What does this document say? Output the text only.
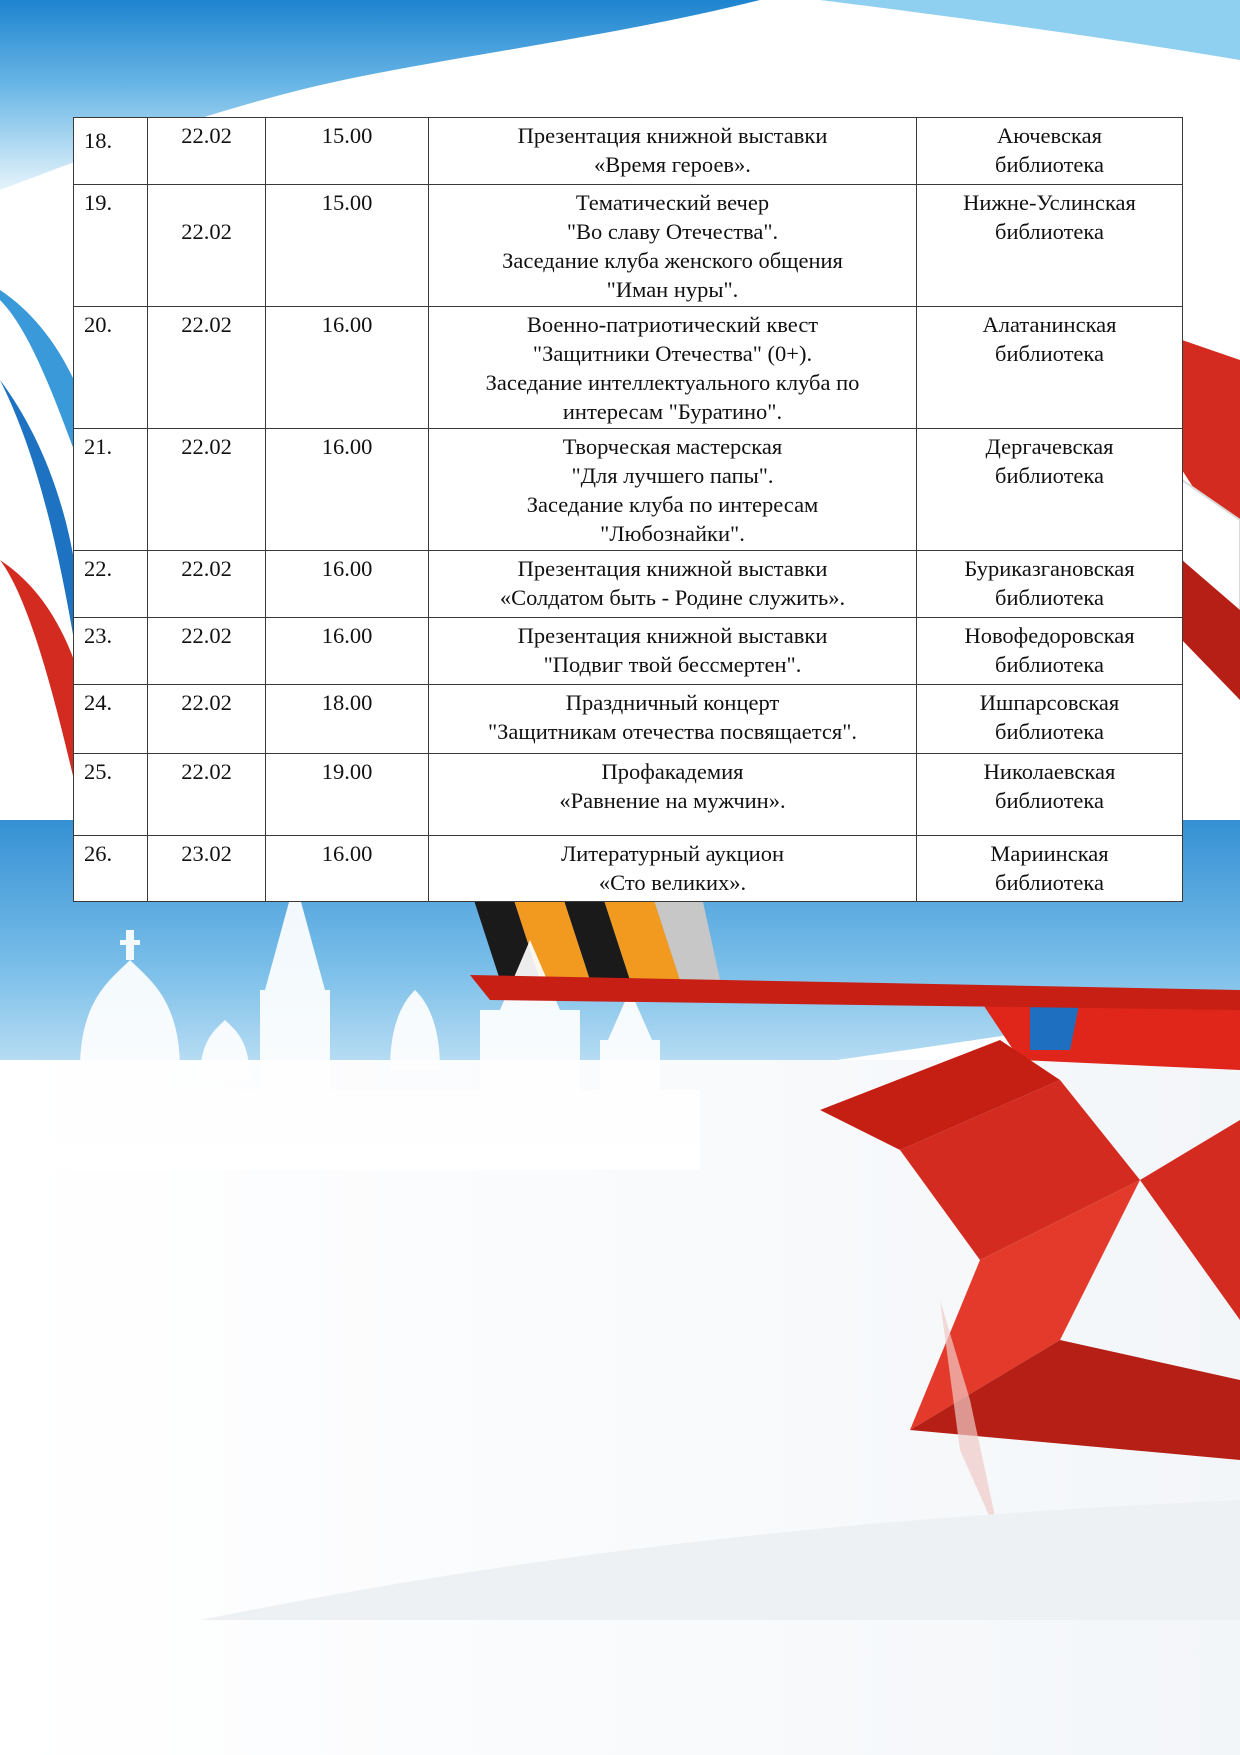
18.	22.02	15.00	Презентация книжной выставки
«Время героев».	Аючевская
библиотека

19.	22.02	15.00	Тематический вечер
"Во славу Отечества".
Заседание клуба женского общения
"Иман нуры".	Нижне-Услинская
библиотека

20.	22.02	16.00	Военно-патриотический квест
"Защитники Отечества" (0+).
Заседание интеллектуального клуба по
интересам "Буратино".	Алатанинская
библиотека

21.	22.02	16.00	Творческая мастерская
"Для лучшего папы".
Заседание клуба по интересам
"Любознайки".	Дергачевская
библиотека

22.	22.02	16.00	Презентация книжной выставки
«Солдатом быть - Родине служить».	Буриказгановская
библиотека

23.	22.02	16.00	Презентация книжной выставки
"Подвиг твой бессмертен".	Новофедоровская
библиотека

24.	22.02	18.00	Праздничный концерт
"Защитникам отечества посвящается".	Ишпарсовская
библиотека

25.	22.02	19.00	Профакадемия
«Равнение на мужчин».	Николаевская
библиотека

26.	23.02	16.00	Литературный аукцион
«Сто великих».	Мариинская
библиотека
